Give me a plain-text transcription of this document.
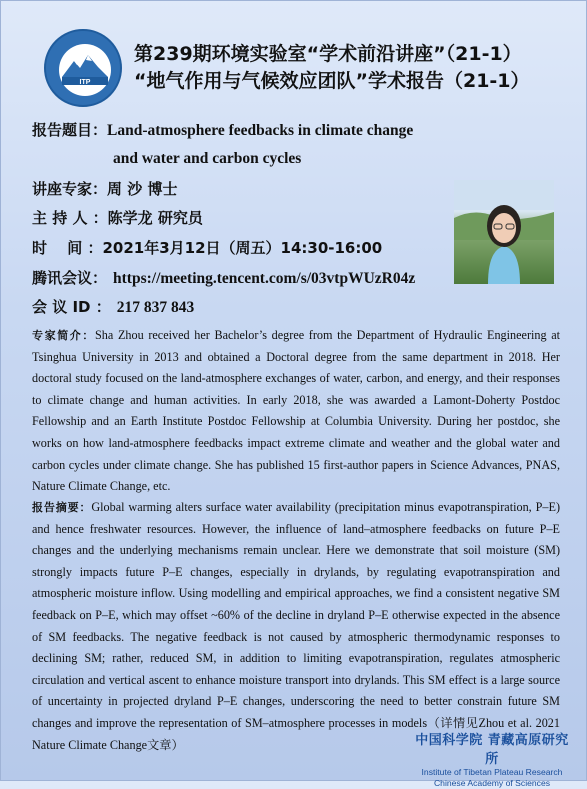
ITP
第239期环境实验室“学术前沿讲座”（21-1）
“地气作用与气候效应团队”学术报告（21-1）
报告题目：Land-atmosphere feedbacks in climate change
and water and carbon cycles
讲座专家：周 沙 博士
主 持 人 ：陈学龙 研究员
时　 间 ：2021年3月12日（周五）14:30-16:00
腾讯会议： https://meeting.tencent.com/s/03vtpWUzR04z
会 议 ID ： 217 837 843
专家简介：Sha Zhou received her Bachelor’s degree from the Department of Hydraulic Engineering at Tsinghua University in 2013 and obtained a Doctoral degree from the same department in 2018. Her doctoral study focused on the land-atmosphere exchanges of water, carbon, and energy, and their responses to climate change and human activities. In early 2018, she was awarded a Lamont-Doherty Postdoc Fellowship and an Earth Institute Postdoc Fellowship at Columbia University. During her postdoc, she works on how land-atmosphere feedbacks impact extreme climate and weather and the global water and carbon cycles under climate change. She has published 15 first-author papers in Science Advances, PNAS, Nature Climate Change, etc.
报告摘要：Global warming alters surface water availability (precipitation minus evapotranspiration, P–E) and hence freshwater resources. However, the influence of land–atmosphere feedbacks on future P–E changes and the underlying mechanisms remain unclear. Here we demonstrate that soil moisture (SM) strongly impacts future P–E changes, especially in drylands, by regulating evapotranspiration and atmospheric moisture inflow. Using modelling and empirical approaches, we find a consistent negative SM feedback on P–E, which may offset ~60% of the decline in dryland P–E otherwise expected in the absence of SM feedbacks. The negative feedback is not caused by atmospheric thermodynamic responses to declining SM; rather, reduced SM, in addition to limiting evapotranspiration, regulates atmospheric circulation and vertical ascent to enhance moisture transport into drylands. This SM effect is a large source of uncertainty in projected dryland P–E changes, underscoring the need to better constrain future SM changes and improve the representation of SM–atmosphere processes in models（详情见Zhou et al. 2021 Nature Climate Change文章）	中国科学院 青藏高原研究所
Institute of Tibetan Plateau Research
Chinese Academy of Sciences
